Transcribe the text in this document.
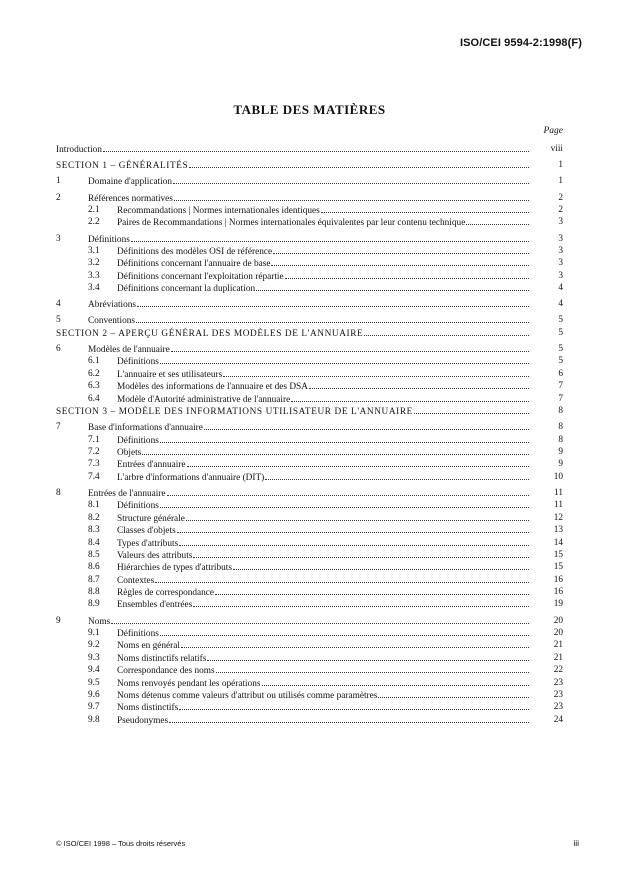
ISO/CEI 9594-2:1998(F)
TABLE DES MATIÈRES
Page
Introduction	viii
SECTION 1 – GÉNÉRALITÉS	1
1	Domaine d'application	1
2	Références normatives	2
2.1 Recommandations | Normes internationales identiques	2
2.2 Paires de Recommandations | Normes internationales équivalentes par leur contenu technique	3
3	Définitions	3
3.1 Définitions des modèles OSI de référence	3
3.2 Définitions concernant l'annuaire de base	3
3.3 Définitions concernant l'exploitation répartie	3
3.4 Définitions concernant la duplication	4
4	Abréviations	4
5	Conventions	5
SECTION 2 – APERÇU GÉNÉRAL DES MODÈLES DE L'ANNUAIRE	5
6	Modèles de l'annuaire	5
6.1 Définitions	5
6.2 L'annuaire et ses utilisateurs	6
6.3 Modèles des informations de l'annuaire et des DSA	7
6.4 Modèle d'Autorité administrative de l'annuaire	7
SECTION 3 – MODÈLE DES INFORMATIONS UTILISATEUR DE L'ANNUAIRE	8
7	Base d'informations d'annuaire	8
7.1 Définitions	8
7.2 Objets	9
7.3 Entrées d'annuaire	9
7.4 L'arbre d'informations d'annuaire (DIT)	10
8	Entrées de l'annuaire	11
8.1 Définitions	11
8.2 Structure générale	12
8.3 Classes d'objets	13
8.4 Types d'attributs	14
8.5 Valeurs des attributs	15
8.6 Hiérarchies de types d'attributs	15
8.7 Contextes	16
8.8 Règles de correspondance	16
8.9 Ensembles d'entrées	19
9	Noms	20
9.1 Définitions	20
9.2 Noms en général	21
9.3 Noms distinctifs relatifs	21
9.4 Correspondance des noms	22
9.5 Noms renvoyés pendant les opérations	23
9.6 Noms détenus comme valeurs d'attribut ou utilisés comme paramètres	23
9.7 Noms distinctifs	23
9.8 Pseudonymes	24
© ISO/CEI 1998 – Tous droits réservés	iii
